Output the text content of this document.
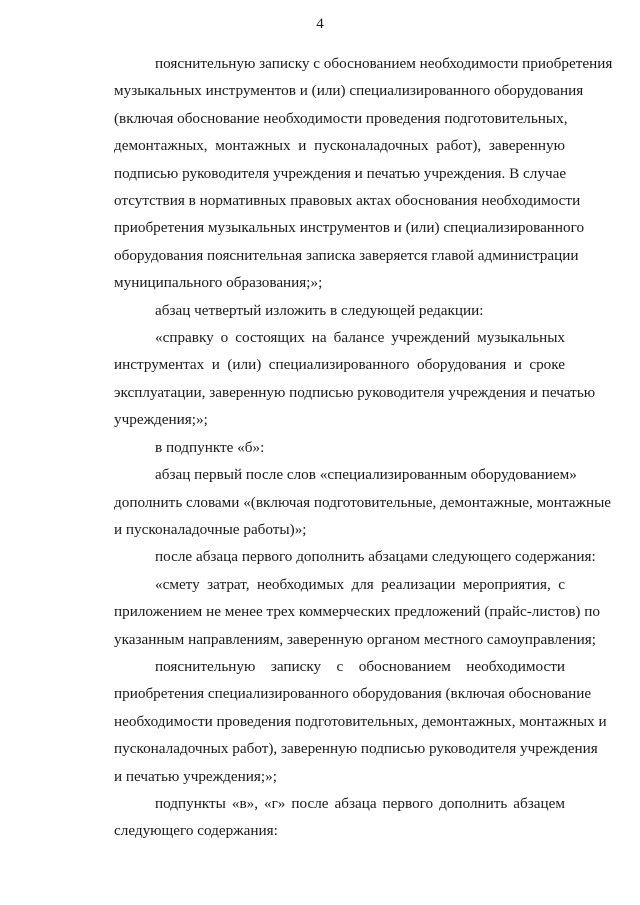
4
пояснительную записку с обоснованием необходимости приобретения
музыкальных инструментов и (или) специализированного оборудования
(включая обоснование необходимости проведения подготовительных,
демонтажных, монтажных и пусконаладочных работ), заверенную
подписью руководителя учреждения и печатью учреждения. В случае
отсутствия в нормативных правовых актах обоснования необходимости
приобретения музыкальных инструментов и (или) специализированного
оборудования пояснительная записка заверяется главой администрации
муниципального образования;»;
абзац четвертый изложить в следующей редакции:
«справку о состоящих на балансе учреждений музыкальных
инструментах и (или) специализированного оборудования и сроке
эксплуатации, заверенную подписью руководителя учреждения и печатью
учреждения;»;
в подпункте «б»:
абзац первый после слов «специализированным оборудованием»
дополнить словами «(включая подготовительные, демонтажные, монтажные
и пусконаладочные работы)»;
после абзаца первого дополнить абзацами следующего содержания:
«смету затрат, необходимых для реализации мероприятия, с
приложением не менее трех коммерческих предложений (прайс-листов) по
указанным направлениям, заверенную органом местного самоуправления;
пояснительную записку с обоснованием необходимости
приобретения специализированного оборудования (включая обоснование
необходимости проведения подготовительных, демонтажных, монтажных и
пусконаладочных работ), заверенную подписью руководителя учреждения
и печатью учреждения;»;
подпункты «в», «г» после абзаца первого дополнить абзацем
следующего содержания:
